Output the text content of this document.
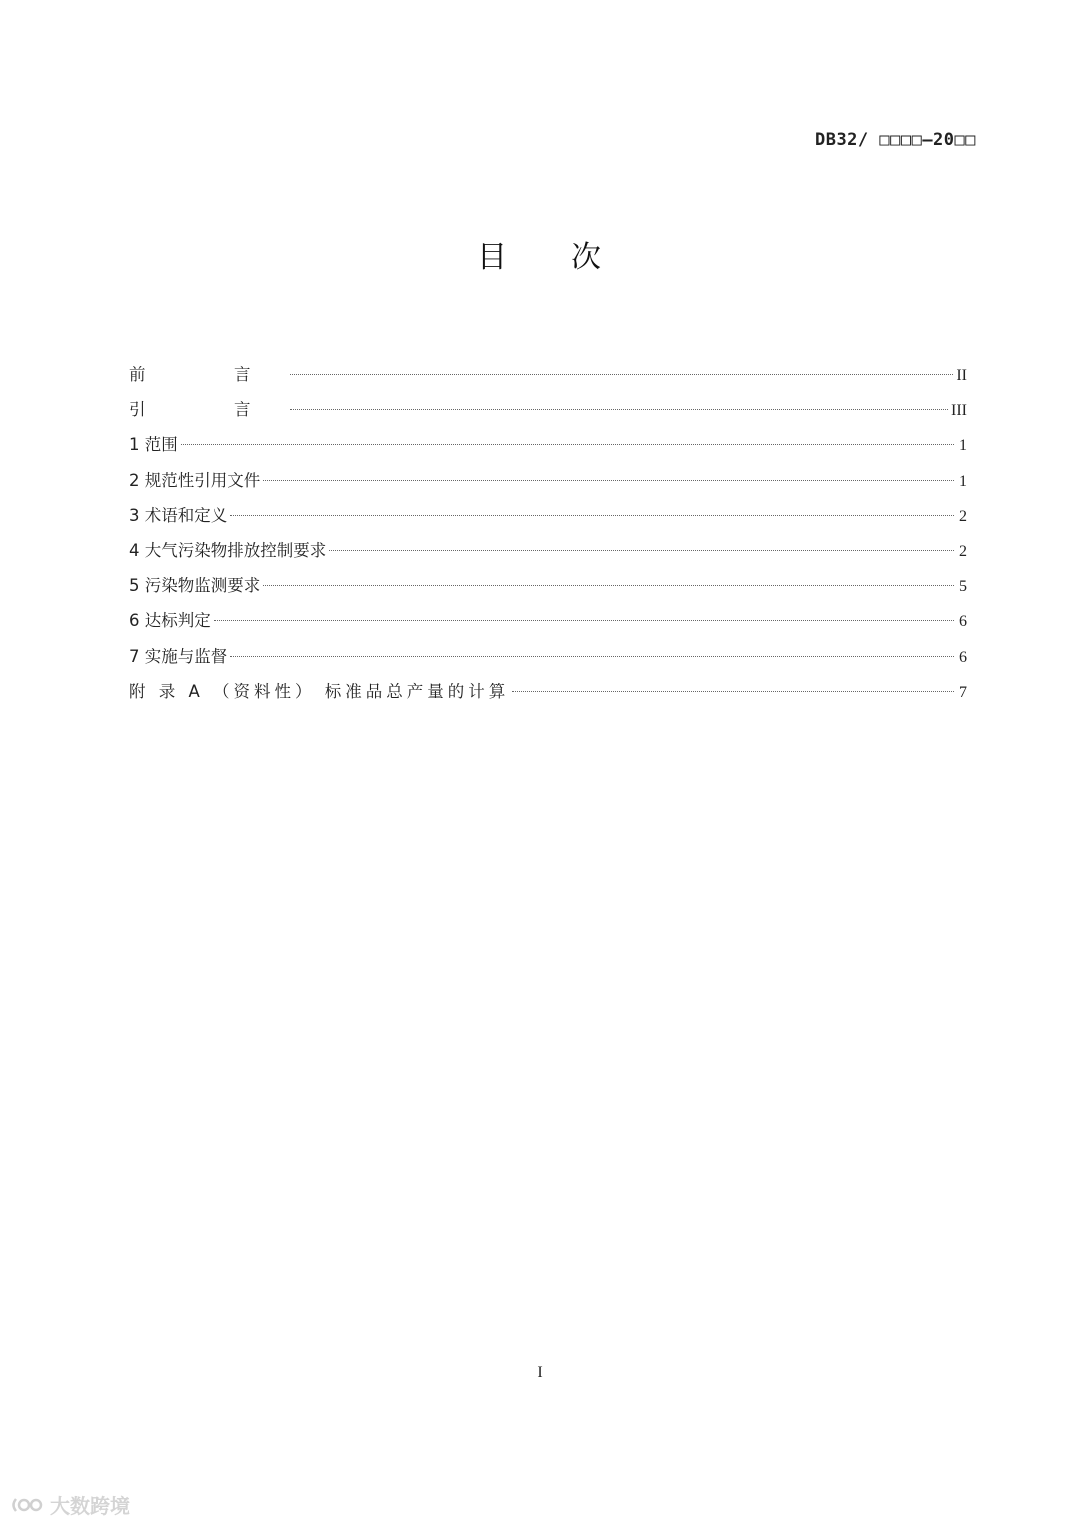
DB32/ □□□□—20□□
目 次
前　言	II
引　言	III
1 范围	1
2 规范性引用文件	1
3 术语和定义	2
4 大气污染物排放控制要求	2
5 污染物监测要求	5
6 达标判定	6
7 实施与监督	6
附 录 A （资料性） 标准品总产量的计算	7
I
大数跨境
